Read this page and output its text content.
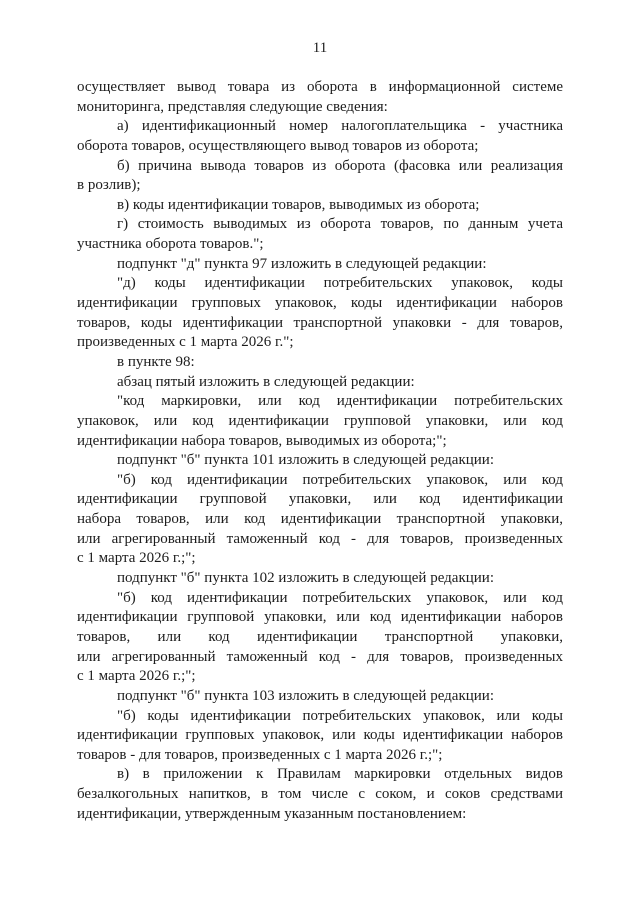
11
осуществляет вывод товара из оборота в информационной системе
мониторинга, представляя следующие сведения:
а) идентификационный номер налогоплательщика - участника
оборота товаров, осуществляющего вывод товаров из оборота;
б) причина вывода товаров из оборота (фасовка или реализация
в розлив);
в) коды идентификации товаров, выводимых из оборота;
г) стоимость выводимых из оборота товаров, по данным учета
участника оборота товаров.";
подпункт "д" пункта 97 изложить в следующей редакции:
"д) коды идентификации потребительских упаковок, коды
идентификации групповых упаковок, коды идентификации наборов
товаров, коды идентификации транспортной упаковки - для товаров,
произведенных с 1 марта 2026 г.";
в пункте 98:
абзац пятый изложить в следующей редакции:
"код маркировки, или код идентификации потребительских
упаковок, или код идентификации групповой упаковки, или код
идентификации набора товаров, выводимых из оборота;";
подпункт "б" пункта 101 изложить в следующей редакции:
"б) код идентификации потребительских упаковок, или код
идентификации групповой упаковки, или код идентификации
набора товаров, или код идентификации транспортной упаковки,
или агрегированный таможенный код - для товаров, произведенных
с 1 марта 2026 г.;";
подпункт "б" пункта 102 изложить в следующей редакции:
"б) код идентификации потребительских упаковок, или код
идентификации групповой упаковки, или код идентификации наборов
товаров, или код идентификации транспортной упаковки,
или агрегированный таможенный код - для товаров, произведенных
с 1 марта 2026 г.;";
подпункт "б" пункта 103 изложить в следующей редакции:
"б) коды идентификации потребительских упаковок, или коды
идентификации групповых упаковок, или коды идентификации наборов
товаров - для товаров, произведенных с 1 марта 2026 г.;";
в) в приложении к Правилам маркировки отдельных видов
безалкогольных напитков, в том числе с соком, и соков средствами
идентификации, утвержденным указанным постановлением:
